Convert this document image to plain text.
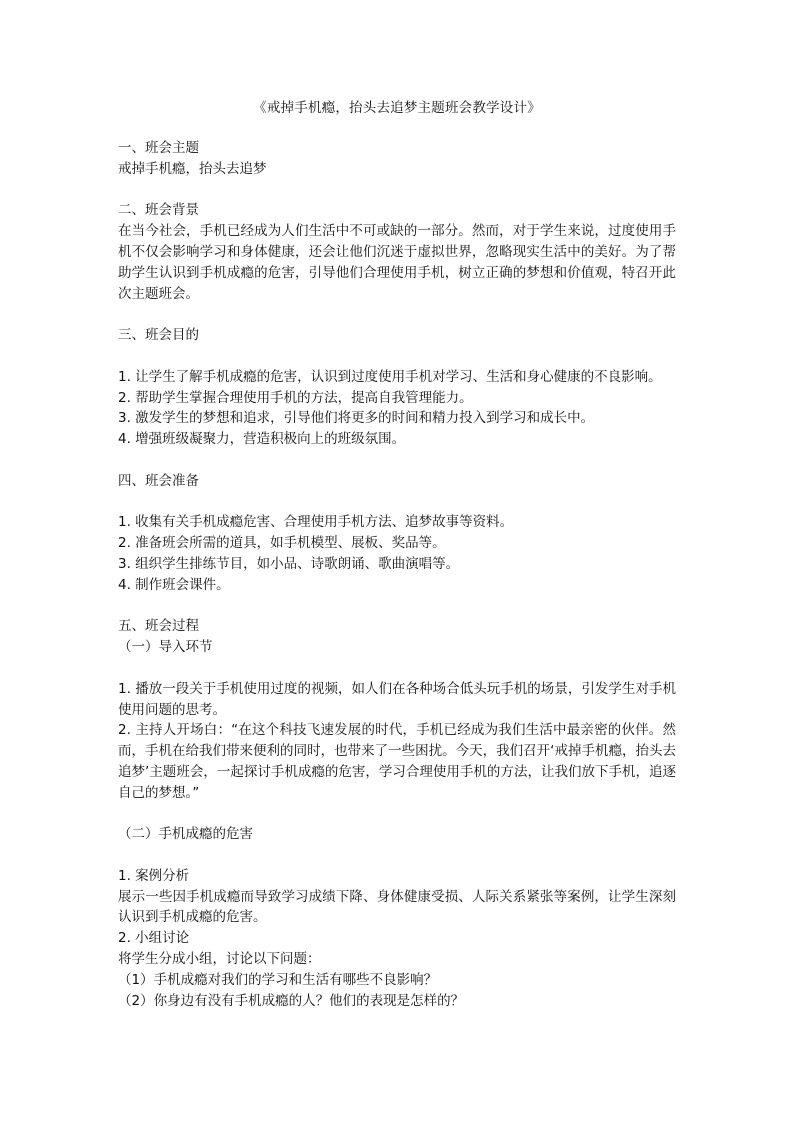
《戒掉手机瘾，抬头去追梦主题班会教学设计》
一、班会主题
戒掉手机瘾，抬头去追梦
二、班会背景
在当今社会，手机已经成为人们生活中不可或缺的一部分。然而，对于学生来说，过度使用手机不仅会影响学习和身体健康，还会让他们沉迷于虚拟世界，忽略现实生活中的美好。为了帮助学生认识到手机成瘾的危害，引导他们合理使用手机，树立正确的梦想和价值观，特召开此次主题班会。
三、班会目的
1. 让学生了解手机成瘾的危害，认识到过度使用手机对学习、生活和身心健康的不良影响。
2. 帮助学生掌握合理使用手机的方法，提高自我管理能力。
3. 激发学生的梦想和追求，引导他们将更多的时间和精力投入到学习和成长中。
4. 增强班级凝聚力，营造积极向上的班级氛围。
四、班会准备
1. 收集有关手机成瘾危害、合理使用手机方法、追梦故事等资料。
2. 准备班会所需的道具，如手机模型、展板、奖品等。
3. 组织学生排练节目，如小品、诗歌朗诵、歌曲演唱等。
4. 制作班会课件。
五、班会过程
（一）导入环节
1. 播放一段关于手机使用过度的视频，如人们在各种场合低头玩手机的场景，引发学生对手机使用问题的思考。
2. 主持人开场白：“在这个科技飞速发展的时代，手机已经成为我们生活中最亲密的伙伴。然而，手机在给我们带来便利的同时，也带来了一些困扰。今天，我们召开‘戒掉手机瘾，抬头去追梦’主题班会，一起探讨手机成瘾的危害，学习合理使用手机的方法，让我们放下手机，追逐自己的梦想。”
（二）手机成瘾的危害
1. 案例分析
展示一些因手机成瘾而导致学习成绩下降、身体健康受损、人际关系紧张等案例，让学生深刻认识到手机成瘾的危害。
2. 小组讨论
将学生分成小组，讨论以下问题：
（1）手机成瘾对我们的学习和生活有哪些不良影响？
（2）你身边有没有手机成瘾的人？他们的表现是怎样的？
